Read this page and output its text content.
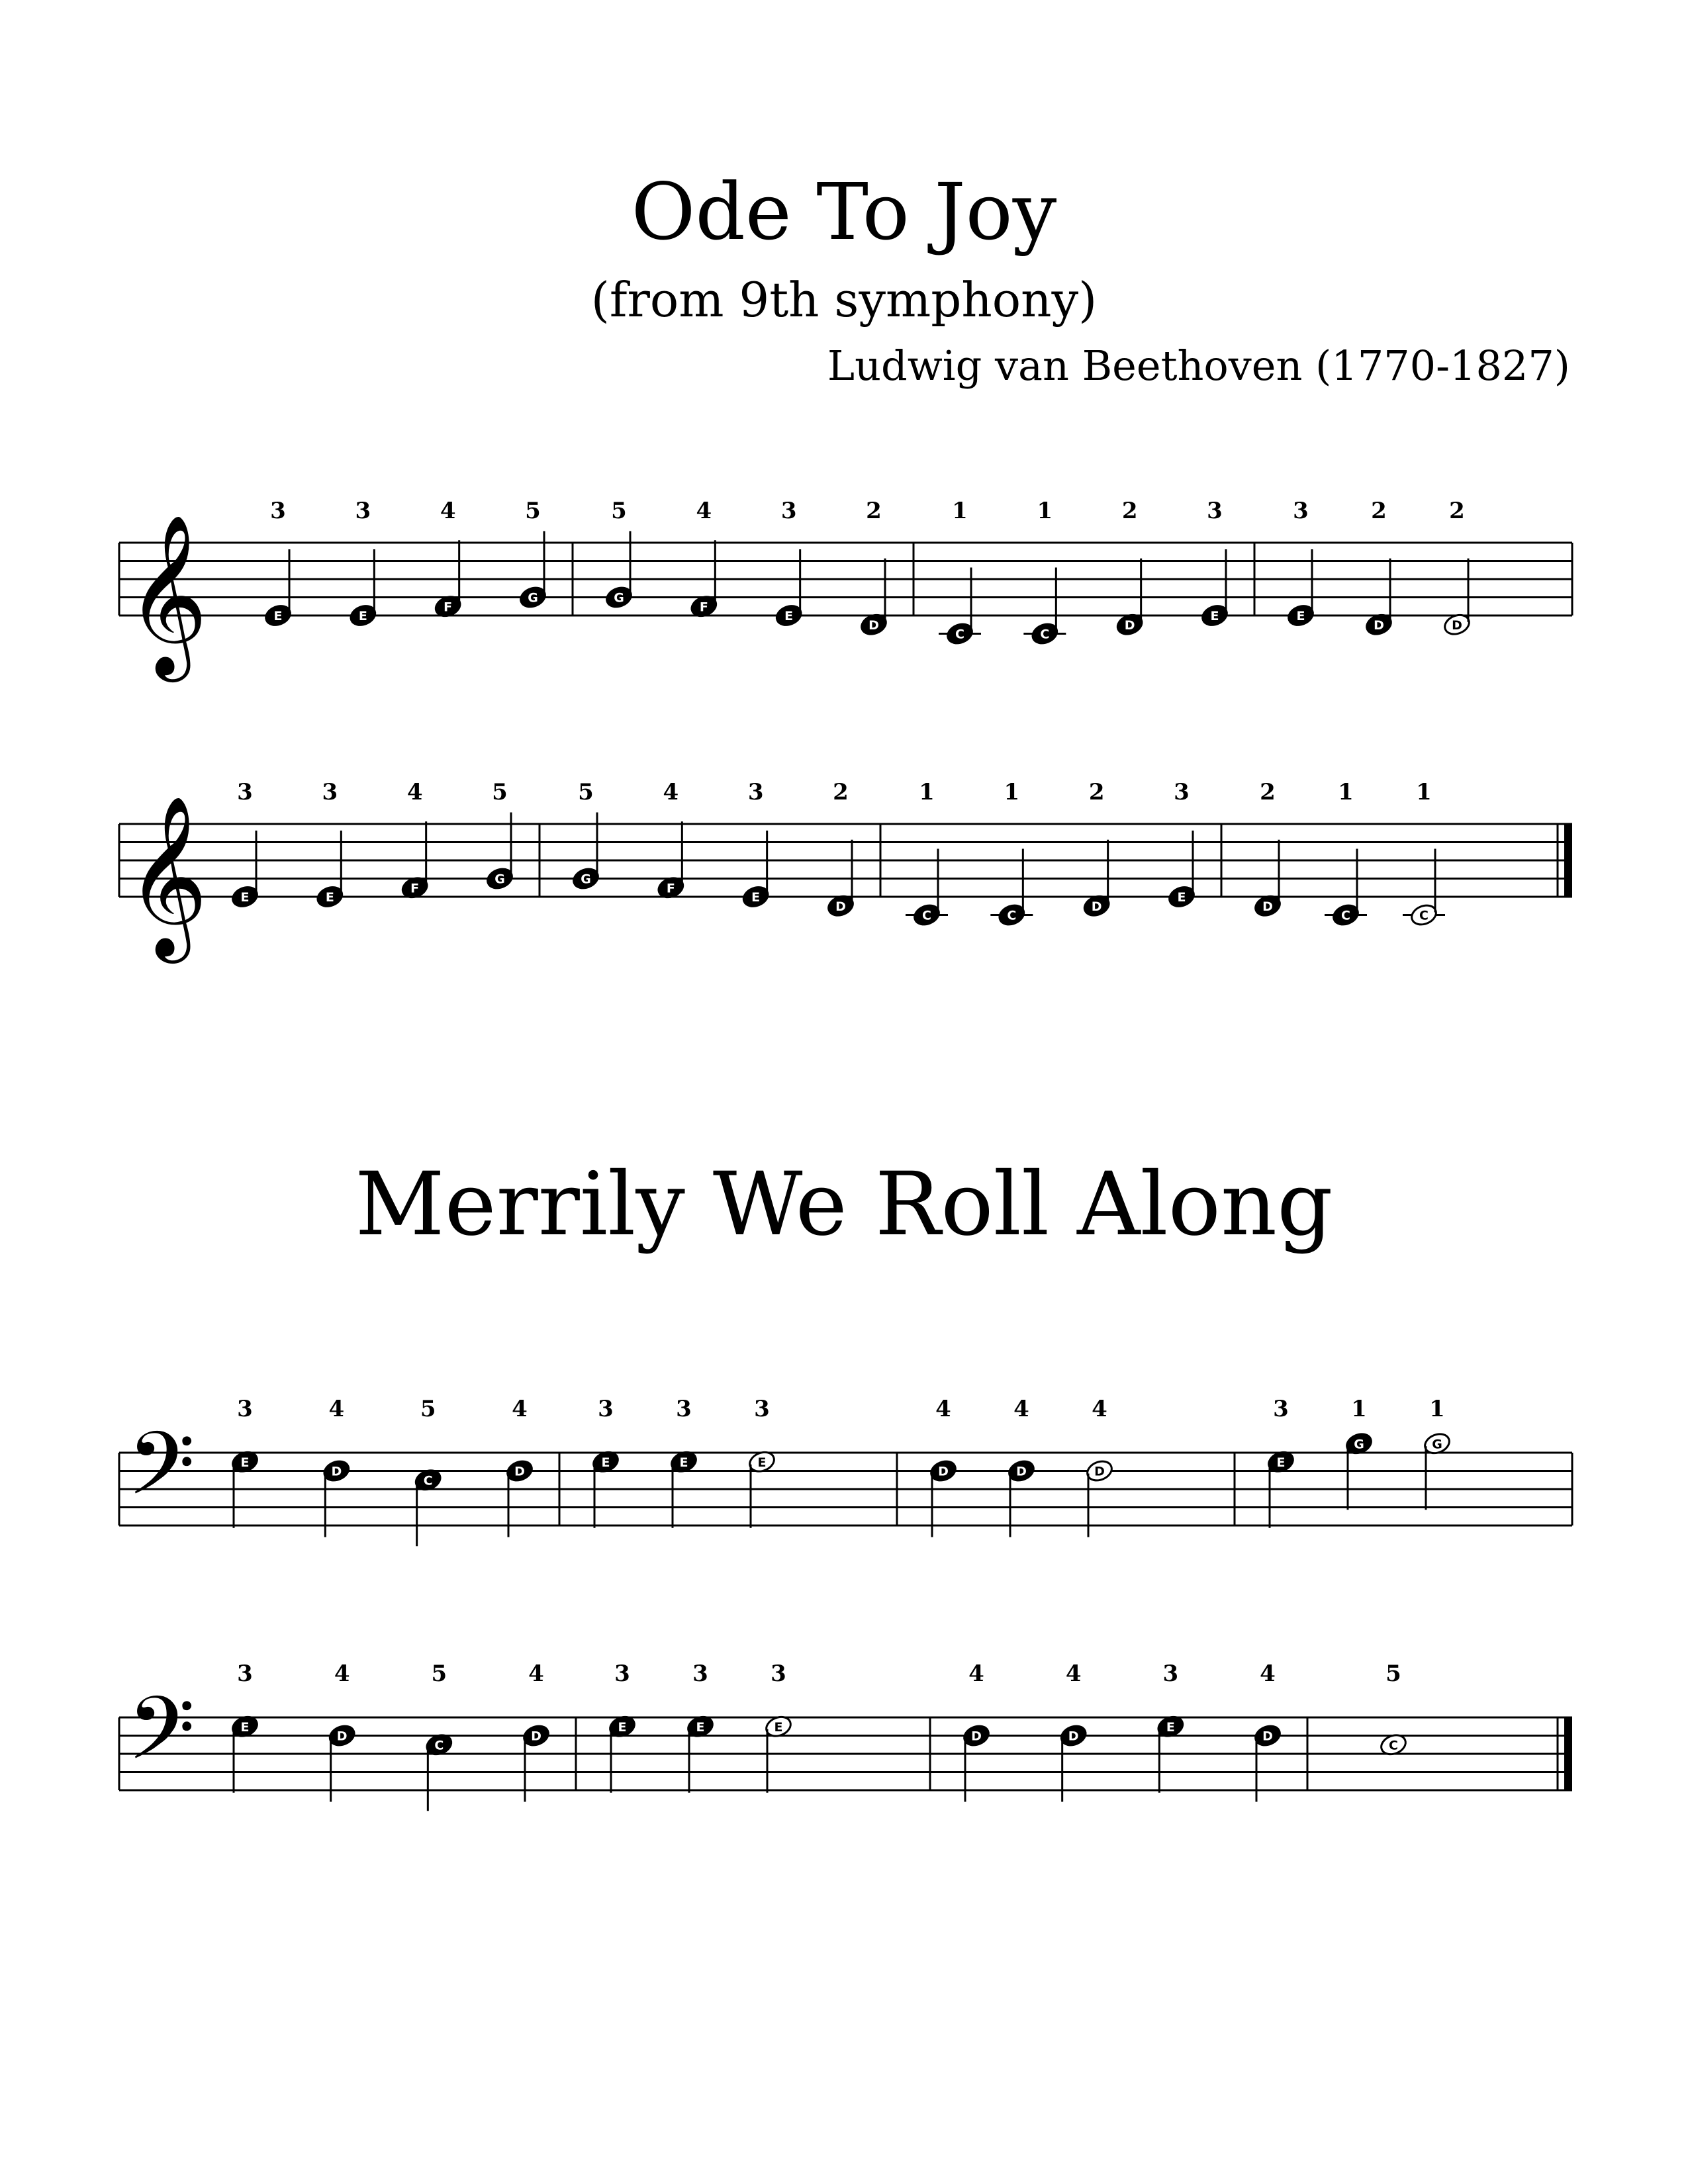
Ode To Joy
(from 9th symphony)
Ludwig van Beethoven (1770-1827)
Merrily We Roll Along
𝄞	E
3
E
3
F
4
G
5
G
5
F
4
E
3
D
2
C
1
C
1
D
2
E
3
E
3
D
2
D
2
𝄞	E
3
E
3
F
4
G
5
G
5
F
4
E
3
D
2
C
1
C
1
D
2
E
3
D
2
C
1
C
1
𝄢	E
3
D
4
C
5
D
4
E
3
E
3
E
3
D
4
D
4
D
4
E
3
G
1
G
1
𝄢	E
3
D
4
C
5
D
4
E
3
E
3
E
3
D
4
D
4
E
3
D
4
C
5
